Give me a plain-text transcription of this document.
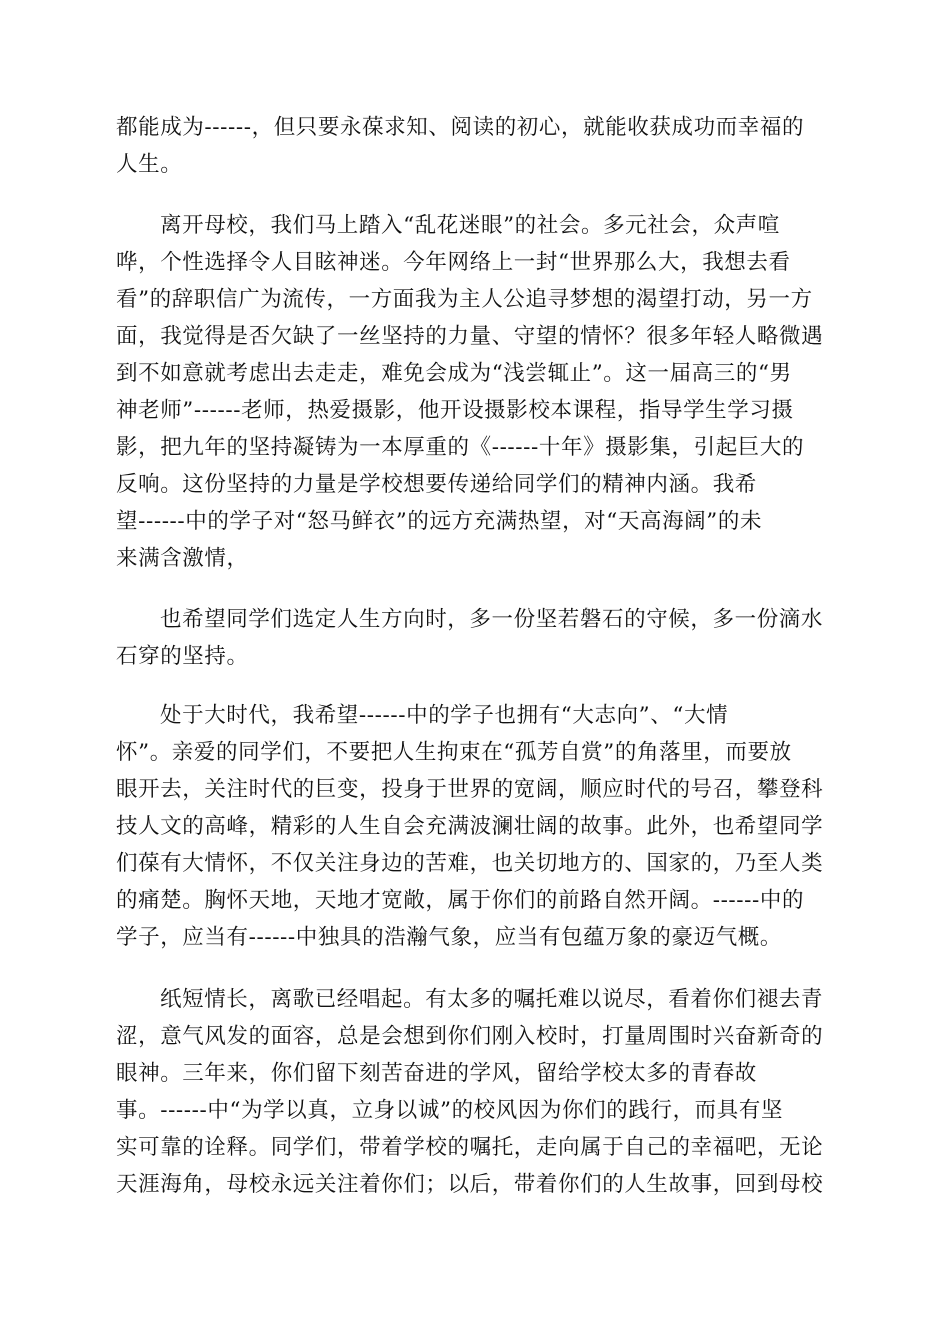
都能成为------，但只要永葆求知、阅读的初心，就能收获成功而幸福的
人生。
离开母校，我们马上踏入“乱花迷眼”的社会。多元社会，众声喧
哗，个性选择令人目眩神迷。今年网络上一封“世界那么大，我想去看
看”的辞职信广为流传，一方面我为主人公追寻梦想的渴望打动，另一方
面，我觉得是否欠缺了一丝坚持的力量、守望的情怀？很多年轻人略微遇
到不如意就考虑出去走走，难免会成为“浅尝辄止”。这一届高三的“男
神老师”------老师，热爱摄影，他开设摄影校本课程，指导学生学习摄
影，把九年的坚持凝铸为一本厚重的《------十年》摄影集，引起巨大的
反响。这份坚持的力量是学校想要传递给同学们的精神内涵。我希
望------中的学子对“怒马鲜衣”的远方充满热望，对“天高海阔”的未
来满含激情，
也希望同学们选定人生方向时，多一份坚若磐石的守候，多一份滴水
石穿的坚持。
处于大时代，我希望------中的学子也拥有“大志向”、“大情
怀”。亲爱的同学们，不要把人生拘束在“孤芳自赏”的角落里，而要放
眼开去，关注时代的巨变，投身于世界的宽阔，顺应时代的号召，攀登科
技人文的高峰，精彩的人生自会充满波澜壮阔的故事。此外，也希望同学
们葆有大情怀，不仅关注身边的苦难，也关切地方的、国家的，乃至人类
的痛楚。胸怀天地，天地才宽敞，属于你们的前路自然开阔。------中的
学子，应当有------中独具的浩瀚气象，应当有包蕴万象的豪迈气概。
纸短情长，离歌已经唱起。有太多的嘱托难以说尽，看着你们褪去青
涩，意气风发的面容，总是会想到你们刚入校时，打量周围时兴奋新奇的
眼神。三年来，你们留下刻苦奋进的学风，留给学校太多的青春故
事。------中“为学以真，立身以诚”的校风因为你们的践行，而具有坚
实可靠的诠释。同学们，带着学校的嘱托，走向属于自己的幸福吧，无论
天涯海角，母校永远关注着你们；以后，带着你们的人生故事，回到母校
